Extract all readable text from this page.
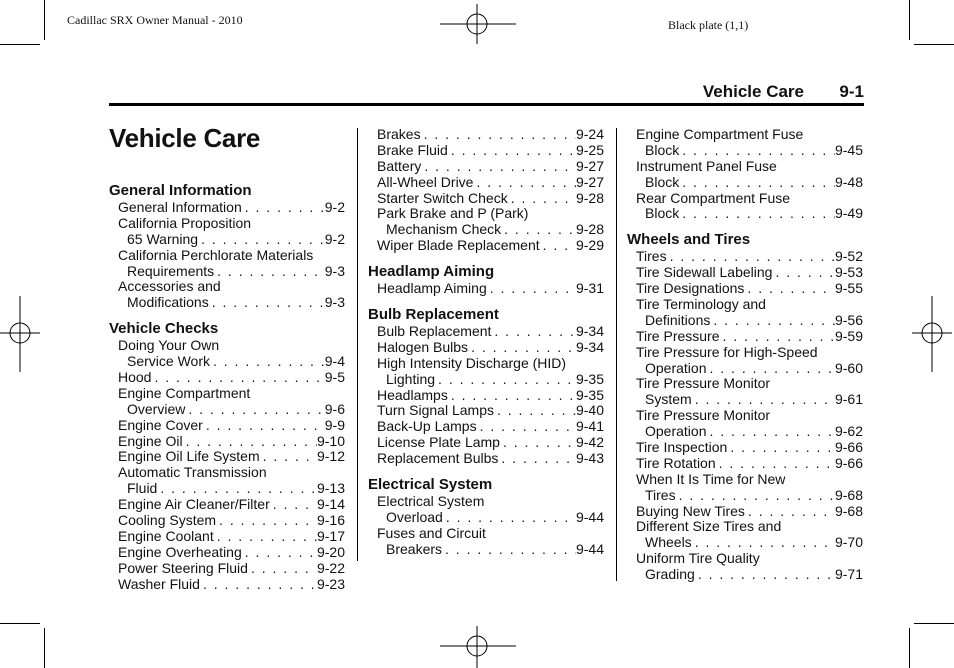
Cadillac SRX Owner Manual - 2010	Black plate (1,1)
Vehicle Care 9-1
Vehicle Care
General Information
General Information . . .	9-2
California Proposition
65 Warning . . .	9-2
California Perchlorate Materials
Requirements . . .	9-3
Accessories and
Modifications . . .	9-3
Vehicle Checks
Doing Your Own
Service Work . . .	9-4
Hood . . .	9-5
Engine Compartment
Overview . . .	9-6
Engine Cover . . .	9-9
Engine Oil . . .	9-10
Engine Oil Life System . . .	9-12
Automatic Transmission
Fluid . . .	9-13
Engine Air Cleaner/Filter . . .	9-14
Cooling System . . .	9-16
Engine Coolant . . .	9-17
Engine Overheating . . .	9-20
Power Steering Fluid . . .	9-22
Washer Fluid . . .	9-23
Brakes . . .	9-24
Brake Fluid . . .	9-25
Battery . . .	9-27
All-Wheel Drive . . .	9-27
Starter Switch Check . . .	9-28
Park Brake and P (Park)
Mechanism Check . . .	9-28
Wiper Blade Replacement . . .	9-29
Headlamp Aiming
Headlamp Aiming . . .	9-31
Bulb Replacement
Bulb Replacement . . .	9-34
Halogen Bulbs . . .	9-34
High Intensity Discharge (HID)
Lighting . . .	9-35
Headlamps . . .	9-35
Turn Signal Lamps . . .	9-40
Back-Up Lamps . . .	9-41
License Plate Lamp . . .	9-42
Replacement Bulbs . . .	9-43
Electrical System
Electrical System
Overload . . .	9-44
Fuses and Circuit
Breakers . . .	9-44
Engine Compartment Fuse
Block . . .	9-45
Instrument Panel Fuse
Block . . .	9-48
Rear Compartment Fuse
Block . . .	9-49
Wheels and Tires
Tires . . .	9-52
Tire Sidewall Labeling . . .	9-53
Tire Designations . . .	9-55
Tire Terminology and
Definitions . . .	9-56
Tire Pressure . . .	9-59
Tire Pressure for High-Speed
Operation . . .	9-60
Tire Pressure Monitor
System . . .	9-61
Tire Pressure Monitor
Operation . . .	9-62
Tire Inspection . . .	9-66
Tire Rotation . . .	9-66
When It Is Time for New
Tires . . .	9-68
Buying New Tires . . .	9-68
Different Size Tires and
Wheels . . .	9-70
Uniform Tire Quality
Grading . . .	9-71
